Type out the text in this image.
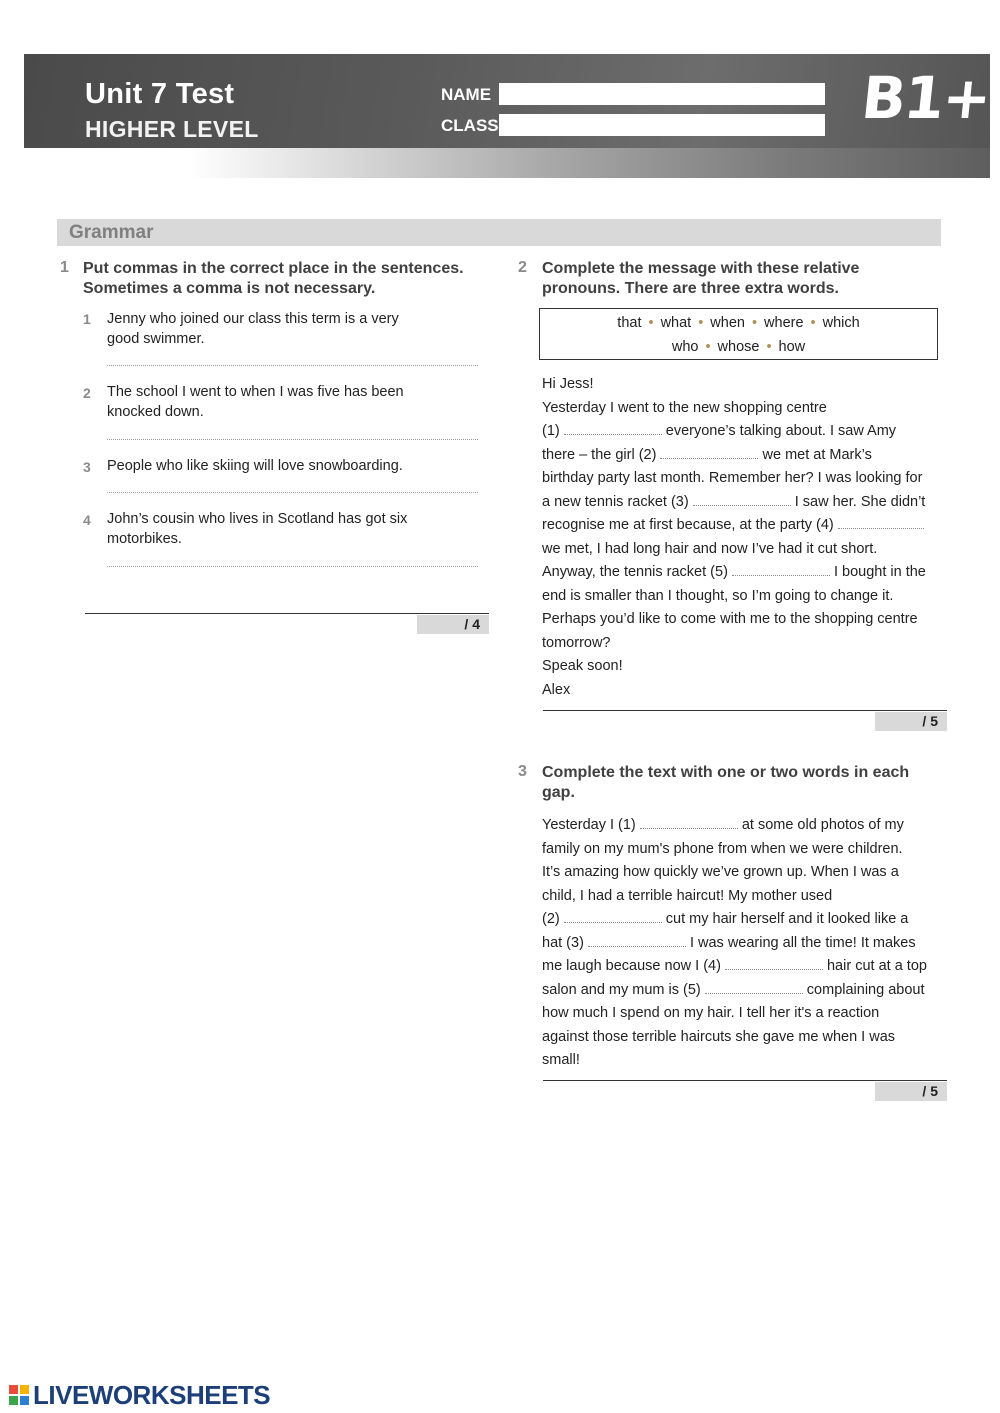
Unit 7 Test
HIGHER LEVEL
NAME
CLASS	B1+
Grammar
1 Put commas in the correct place in the sentences.
Sometimes a comma is not necessary.
1 Jenny who joined our class this term is a very
good swimmer.
2 The school I went to when I was five has been
knocked down.
3 People who like skiing will love snowboarding.
4 John’s cousin who lives in Scotland has got six
motorbikes.
/ 4
2 Complete the message with these relative
pronouns. There are three extra words.
that • what • when • where • which
who • whose • how
Hi Jess!
Yesterday I went to the new shopping centre
(1)	everyone’s talking about. I saw Amy
there – the girl (2)	we met at Mark’s
birthday party last month. Remember her? I was looking for
a new tennis racket (3)	I saw her. She didn’t
recognise me at first because, at the party (4)
we met, I had long hair and now I’ve had it cut short.
Anyway, the tennis racket (5)	I bought in the
end is smaller than I thought, so I’m going to change it.
Perhaps you’d like to come with me to the shopping centre
tomorrow?
Speak soon!
Alex
/ 5
3 Complete the text with one or two words in each
gap.
Yesterday I (1)	at some old photos of my
family on my mum's phone from when we were children.
It’s amazing how quickly we’ve grown up. When I was a
child, I had a terrible haircut! My mother used
(2)	cut my hair herself and it looked like a
hat (3)	I was wearing all the time! It makes
me laugh because now I (4)	hair cut at a top
salon and my mum is (5)	complaining about
how much I spend on my hair. I tell her it's a reaction
against those terrible haircuts she gave me when I was
small!
/ 5
LIVEWORKSHEETS
